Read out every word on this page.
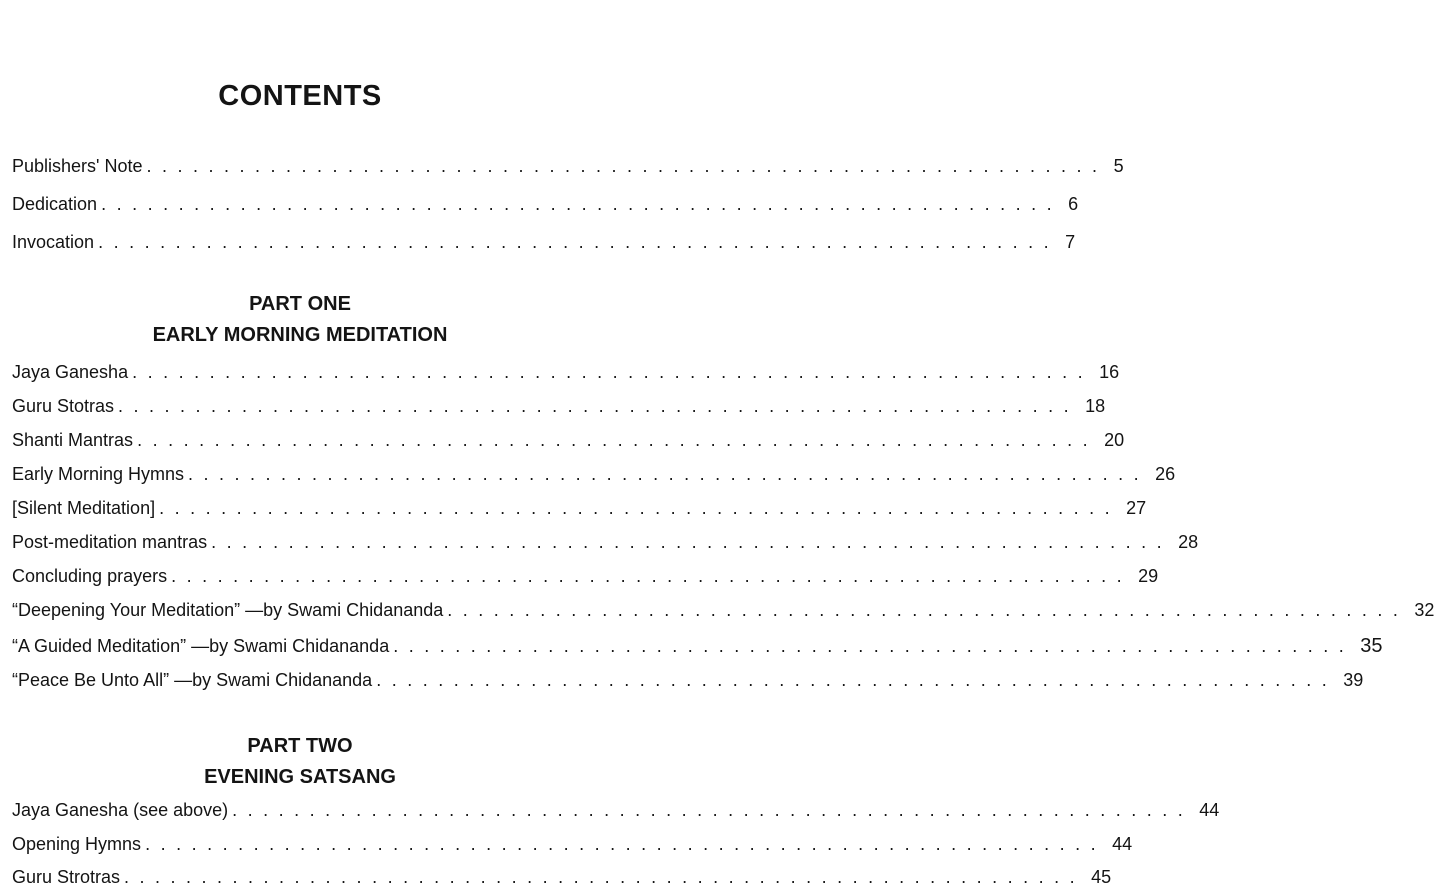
CONTENTS
Publishers' Note .............................................................. 5
Dedication .............................................................. 6
Invocation .............................................................. 7
PART ONE
EARLY MORNING MEDITATION
Jaya Ganesha .............................................................. 16
Guru Stotras .............................................................. 18
Shanti Mantras .............................................................. 20
Early Morning Hymns .............................................................. 26
[Silent Meditation] .............................................................. 27
Post-meditation mantras .............................................................. 28
Concluding prayers .............................................................. 29
“Deepening Your Meditation” —by Swami Chidananda .............................................................. 32
“A Guided Meditation” —by Swami Chidananda .............................................................. 35
“Peace Be Unto All” —by Swami Chidananda .............................................................. 39
PART TWO
EVENING SATSANG
Jaya Ganesha (see above) .............................................................. 44
Opening Hymns .............................................................. 44
Guru Strotras .............................................................. 45
